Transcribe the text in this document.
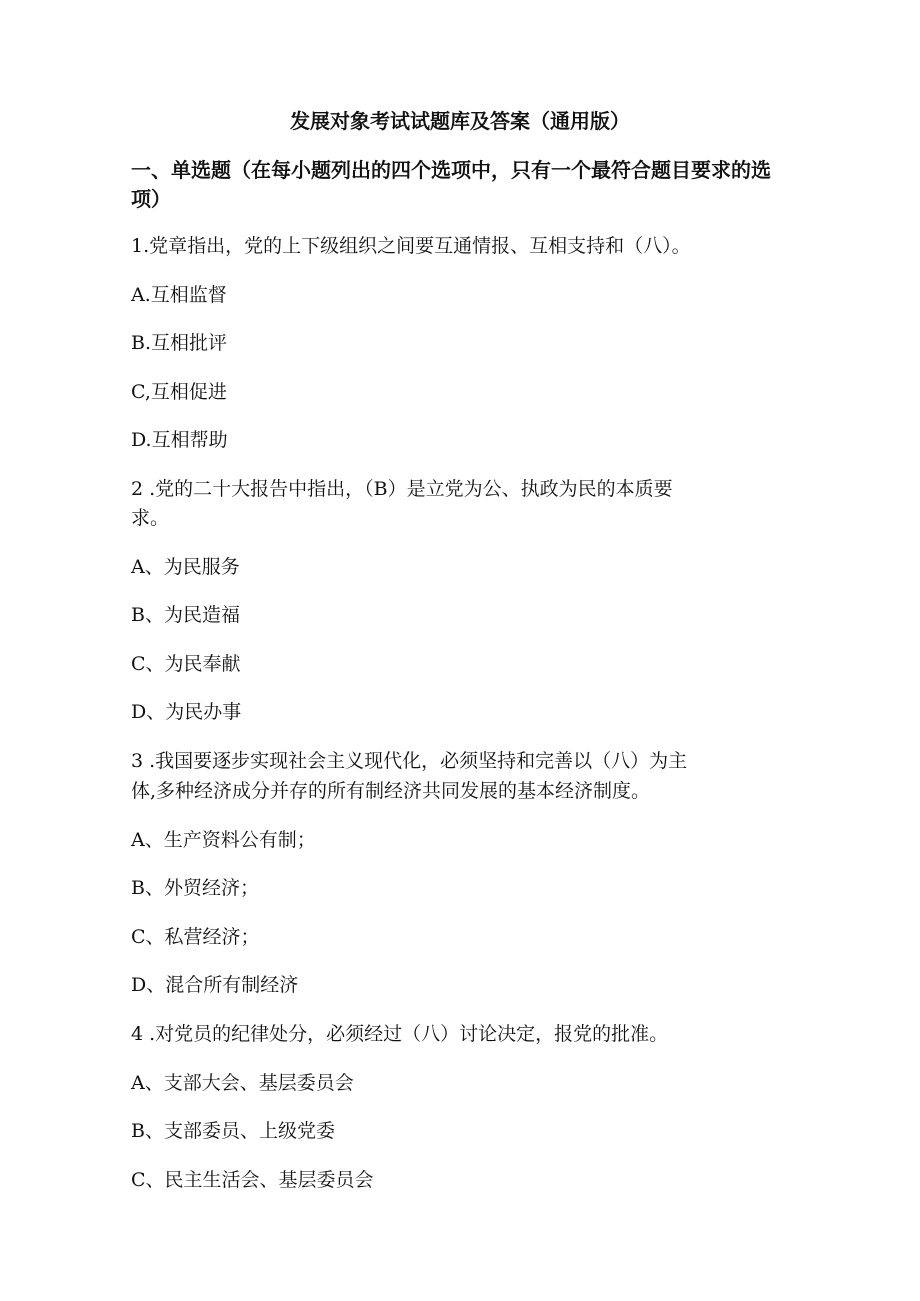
发展对象考试试题库及答案（通用版）

一、单选题（在每小题列出的四个选项中，只有一个最符合题目要求的选项）

1.党章指出，党的上下级组织之间要互通情报、互相支持和（八）。

A.互相监督

B.互相批评

C,互相促进

D.互相帮助

2 .党的二十大报告中指出，（B）是立党为公、执政为民的本质要

求。

A、为民服务

B、为民造福

C、为民奉献

D、为民办事

3 .我国要逐步实现社会主义现代化，必须坚持和完善以（八）为主

体,多种经济成分并存的所有制经济共同发展的基本经济制度。

A、生产资料公有制；

B、外贸经济；

C、私营经济；

D、混合所有制经济

4 .对党员的纪律处分，必须经过（八）讨论决定，报党的批准。

A、支部大会、基层委员会

B、支部委员、上级党委

C、民主生活会、基层委员会
